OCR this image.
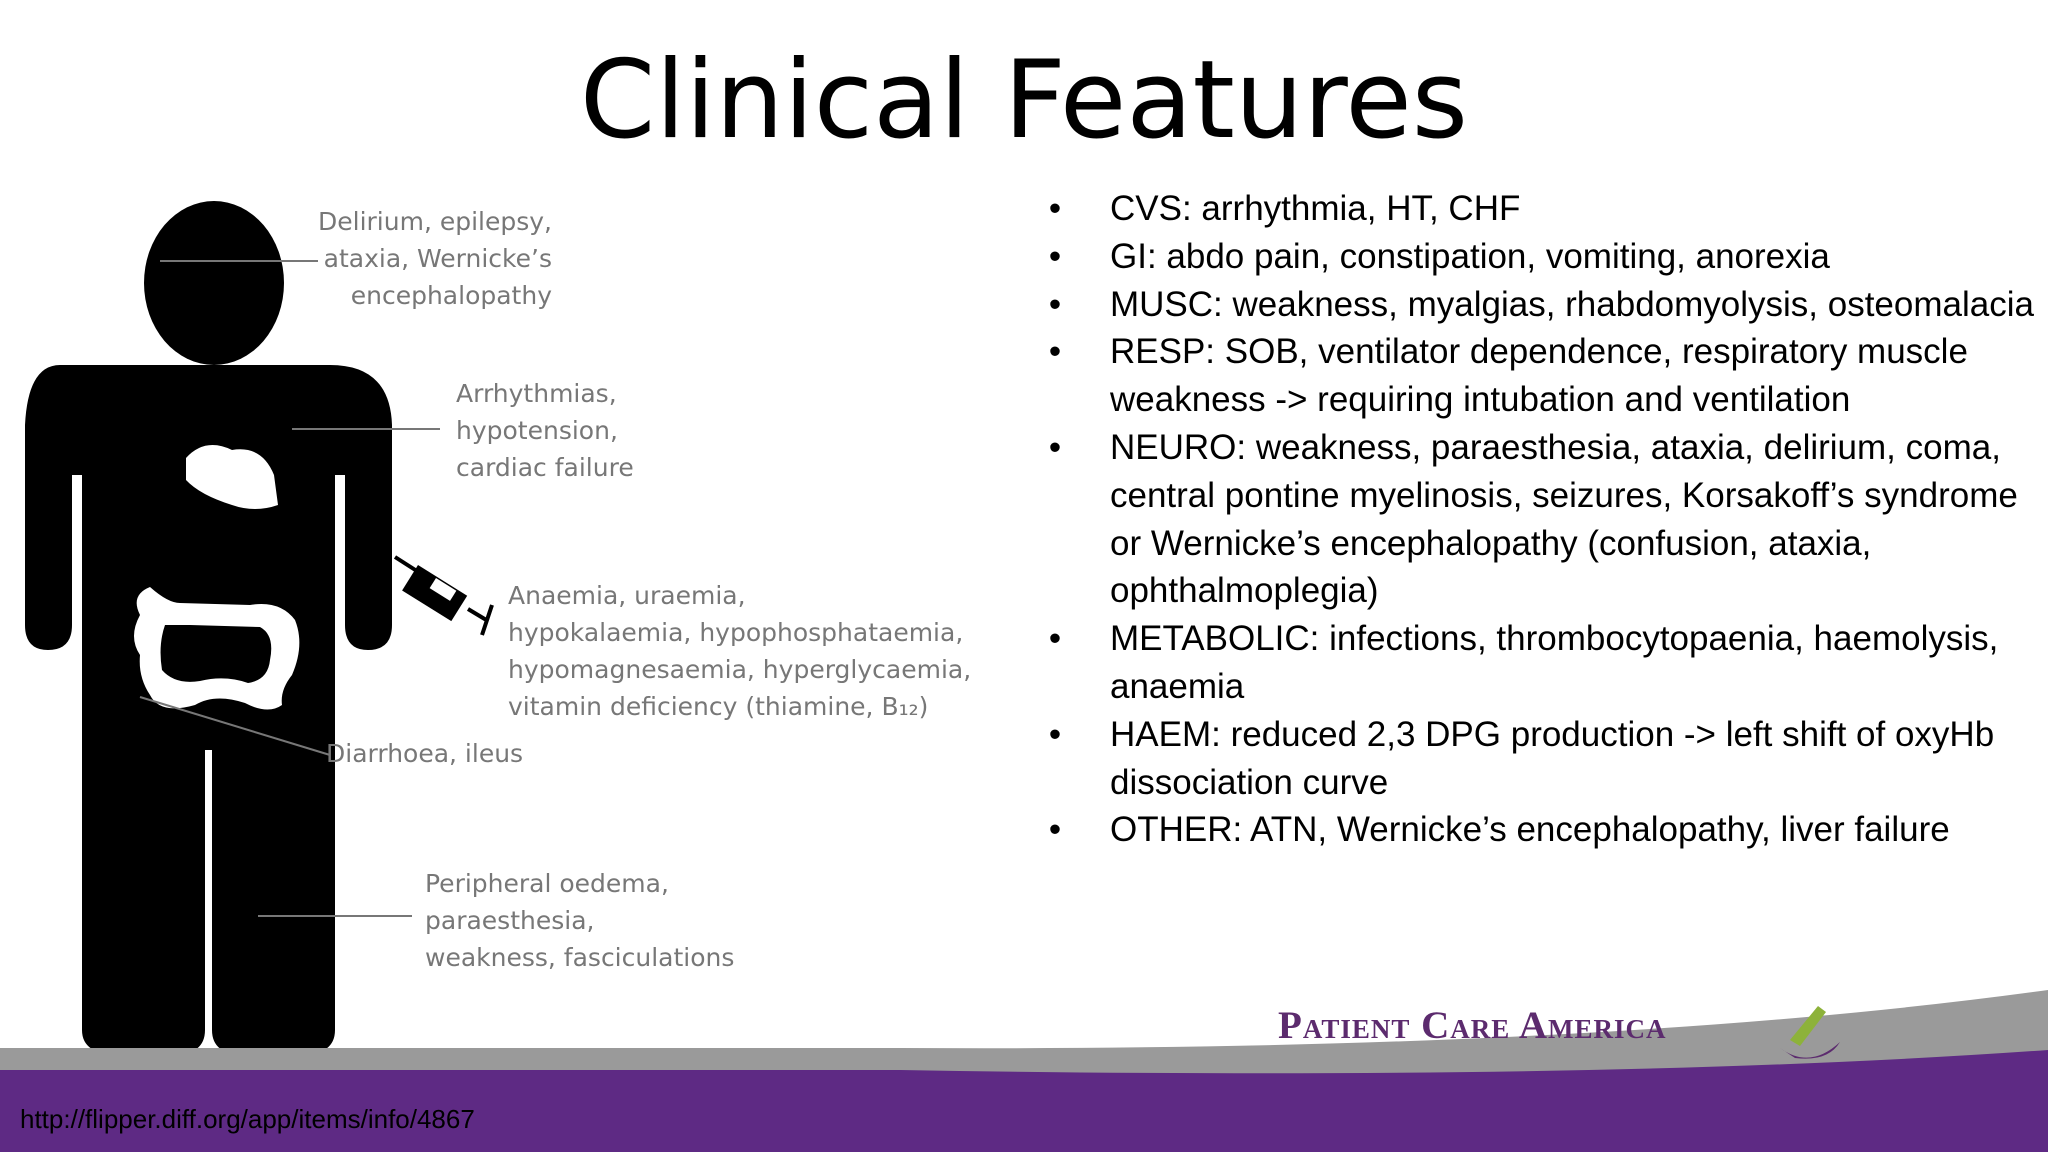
Clinical Features
Delirium, epilepsy,
ataxia, Wernicke’s
encephalopathy
Arrhythmias,
hypotension,
cardiac failure
Anaemia, uraemia,
hypokalaemia, hypophosphataemia,
hypomagnesaemia, hyperglycaemia,
vitamin deficiency (thiamine, B₁₂)
Diarrhoea, ileus
Peripheral oedema,
paraesthesia,
weakness, fasciculations
• CVS: arrhythmia, HT, CHF
• GI: abdo pain, constipation, vomiting, anorexia
• MUSC: weakness, myalgias, rhabdomyolysis, osteomalacia
• RESP: SOB, ventilator dependence, respiratory muscle weakness -> requiring intubation and ventilation
• NEURO: weakness, paraesthesia, ataxia, delirium, coma, central pontine myelinosis, seizures, Korsakoff’s syndrome or Wernicke’s encephalopathy (confusion, ataxia, ophthalmoplegia)
• METABOLIC: infections, thrombocytopaenia, haemolysis, anaemia
• HAEM: reduced 2,3 DPG production -> left shift of oxyHb dissociation curve
• OTHER: ATN, Wernicke’s encephalopathy, liver failure
Patient Care America
http://flipper.diff.org/app/items/info/4867
